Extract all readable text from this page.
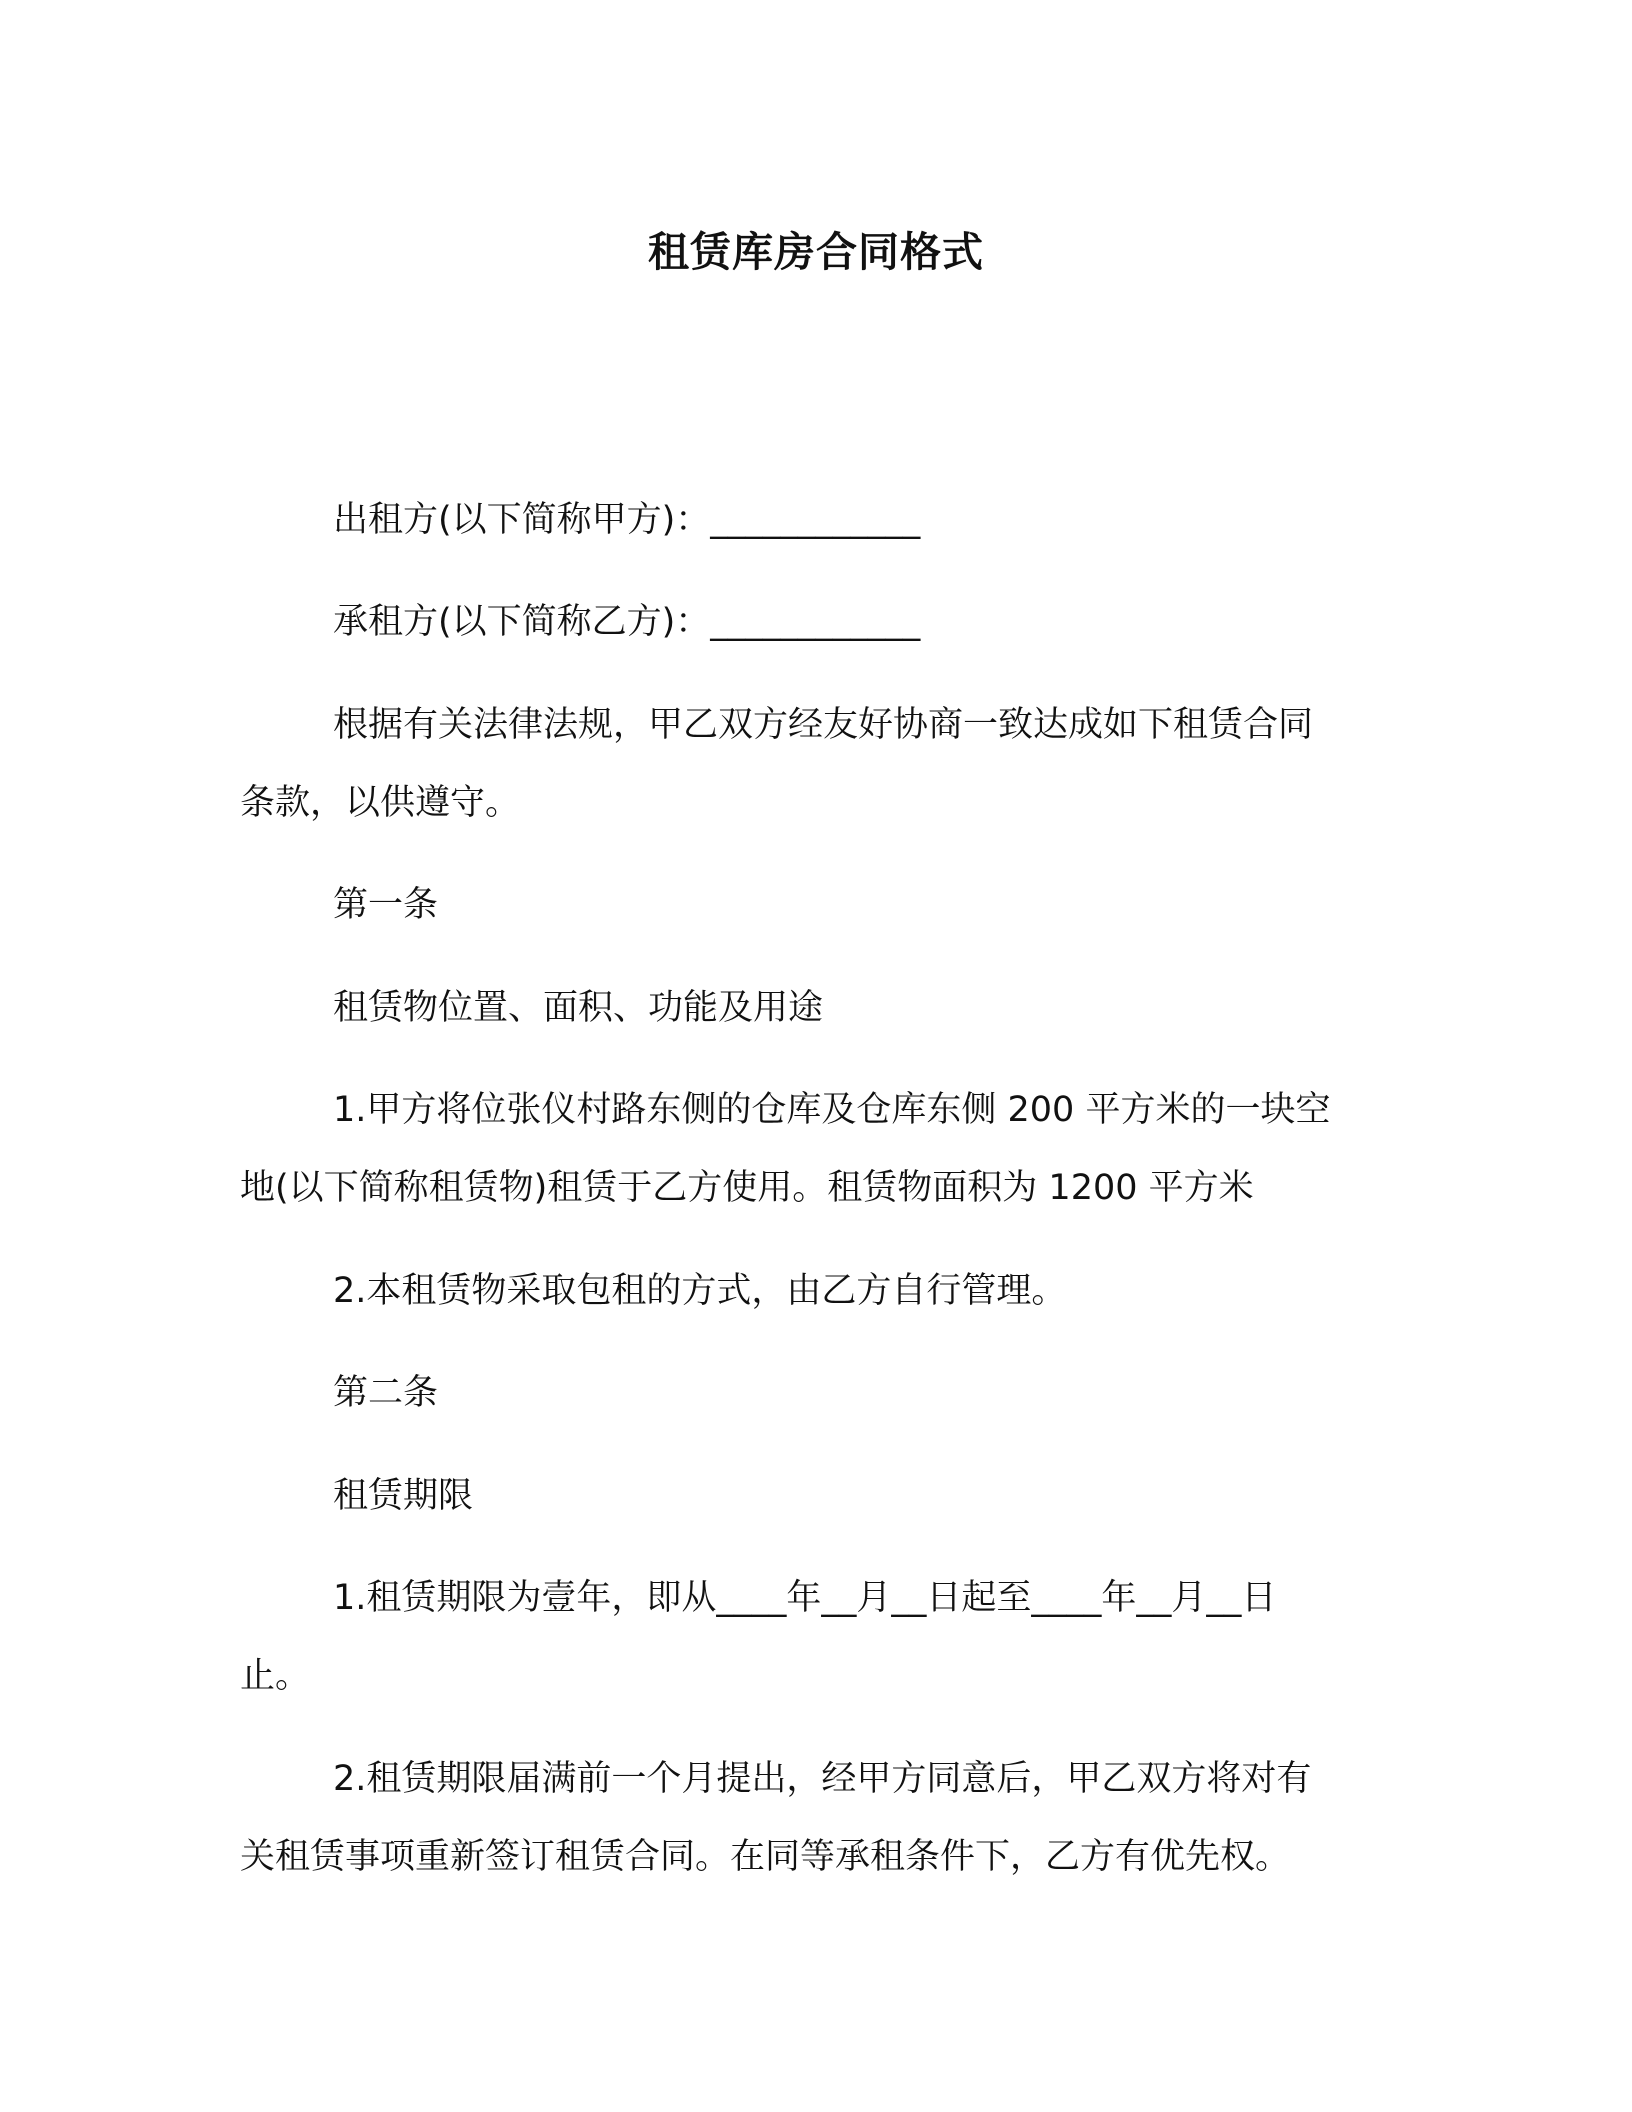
租赁库房合同格式
出租方(以下简称甲方)：____________
承租方(以下简称乙方)：____________
根据有关法律法规，甲乙双方经友好协商一致达成如下租赁合同
条款，以供遵守。
第一条
租赁物位置、面积、功能及用途
1.甲方将位张仪村路东侧的仓库及仓库东侧 200 平方米的一块空
地(以下简称租赁物)租赁于乙方使用。租赁物面积为 1200 平方米
2.本租赁物采取包租的方式，由乙方自行管理。
第二条
租赁期限
1.租赁期限为壹年，即从____年__月__日起至____年__月__日
止。
2.租赁期限届满前一个月提出，经甲方同意后，甲乙双方将对有
关租赁事项重新签订租赁合同。在同等承租条件下，乙方有优先权。
